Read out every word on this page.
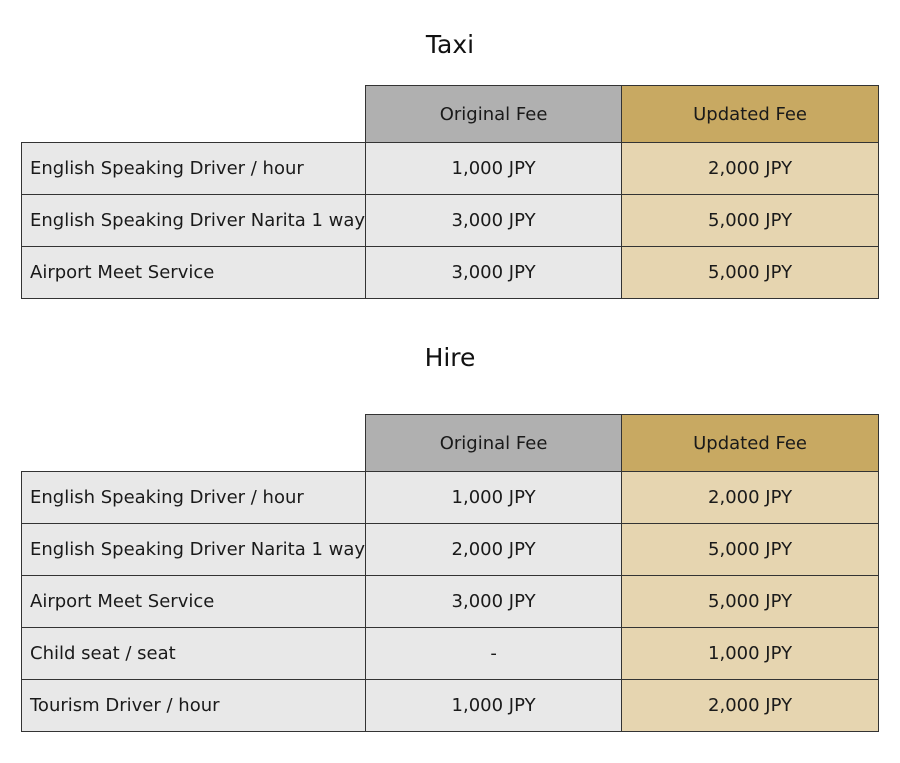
Taxi
	Original Fee	Updated Fee
English Speaking Driver / hour	1,000 JPY	2,000 JPY
English Speaking Driver Narita 1 way	3,000 JPY	5,000 JPY
Airport Meet Service	3,000 JPY	5,000 JPY
Hire
	Original Fee	Updated Fee
English Speaking Driver / hour	1,000 JPY	2,000 JPY
English Speaking Driver Narita 1 way	2,000 JPY	5,000 JPY
Airport Meet Service	3,000 JPY	5,000 JPY
Child seat / seat	-	1,000 JPY
Tourism Driver / hour	1,000 JPY	2,000 JPY
